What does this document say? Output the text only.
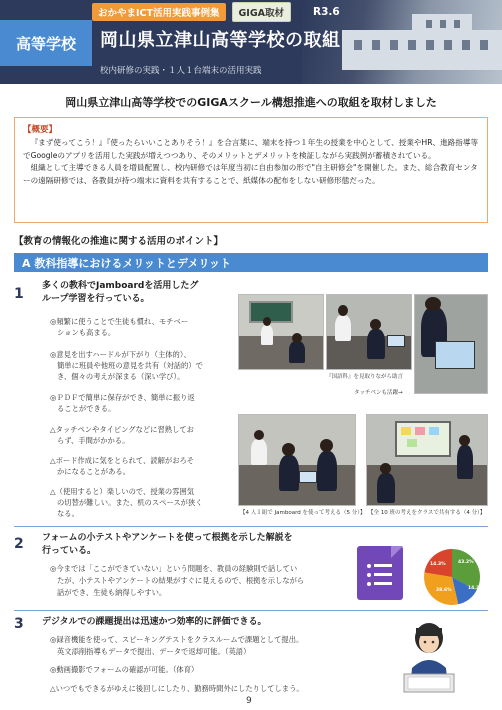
おかやまICT活用実践事例集	GIGA取材	R3.6
高等学校	岡山県立津山高等学校の取組
校内研修の実践・１人１台端末の活用実践
岡山県立津山高等学校でのGIGAスクール構想推進への取組を取材しました
【概要】

『まず使ってこう！』『使ったらいいことありそう！』を合言葉に、端末を持つ１年生の授業を中心として、授業やHR、進路指導等でGoogleのアプリを活用した実践が増えつつあり、そのメリットとデメリットを検証しながら実践例が蓄積されている。

組織として主導できる人員を増員配置し、校内研修では年度当初に自由参加の形で"自主研修会"を開催した。また、総合教育センターの遠隔研修では、各教員が持つ端末に資料を共有することで、紙媒体の配布をしない研修形態だった。

【教育の情報化の推進に関する活用のポイント】
A 教科指導におけるメリットとデメリット
1 多くの教科でJamboardを活用したグ
ループ学習を行っている。
◎頻繁に使うことで生徒も慣れ、モチベー
ションも高まる。
◎意見を出すハードルが下がり（主体的）、
簡単に班員や他班の意見を共有（対話的）で
き、個々の考えが深まる（深い学び）。
◎ＰＤＦで簡単に保存ができ、簡単に振り返
ることができる。
△タッチペンやタイピングなどに習熟してお
らず、手間がかかる。
△ボード作成に気をとられて、読解がおろそ
かになることがある。
△（使用すると）楽しいので、授業の雰囲気
の切替が難しい。また、机のスペースが狭く
なる。
『国語科』を見取りながら助言
タッチペンも活躍→
【4 人１組で Jamboard を使って考える（5 分）】 【全 10 班の考えをクラスで共有する（4 分）】
2 フォームの小テストやアンケートを使って根拠を示した解説を
行っている。
◎今までは「ここができていない」という問題を、教員の経験則で話してい
たが、小テストやアンケートの結果がすぐに見えるので、根拠を示しながら
話ができ、生徒も納得しやすい。
43.2%
14.3%
28.6%
14.3%
3 デジタルでの課題提出は迅速かつ効率的に評価できる。
◎録音機能を使って、スピーキングテストをクラスルームで課題として提出。
英文添削指導もデータで提出、データで返却可能。（英語）
◎動画撮影でフォームの確認が可能。（体育）
△いつでもできるがゆえに後回しにしたり、勤務時間外にしたりしてしまう。
9
